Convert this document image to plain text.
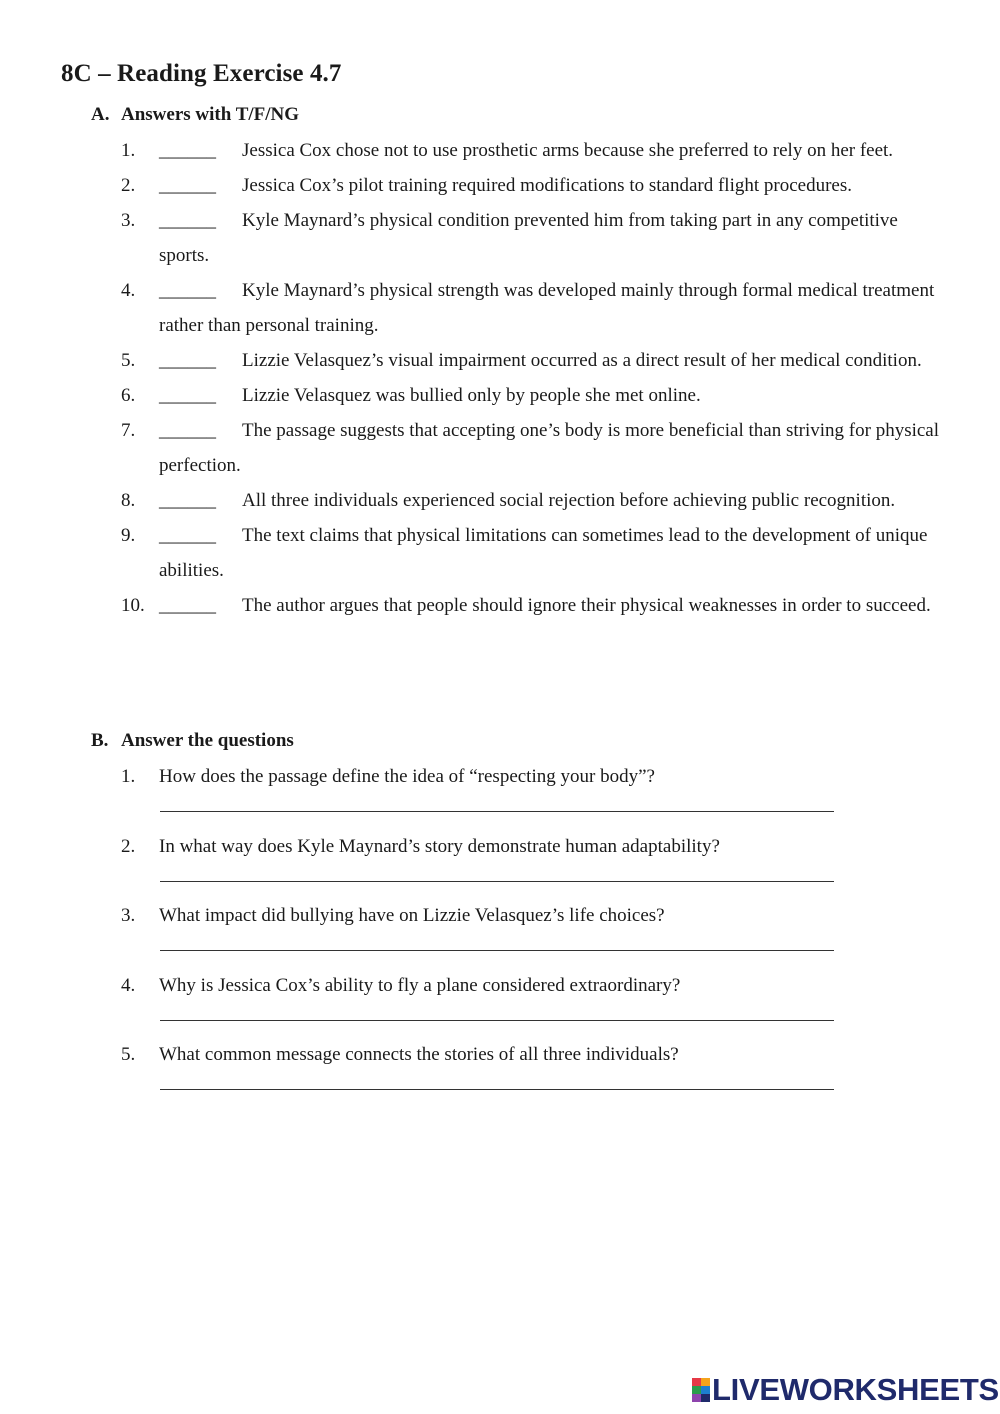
8C – Reading Exercise 4.7
A. Answers with T/F/NG
1. ______	Jessica Cox chose not to use prosthetic arms because she preferred to rely on her feet.
2. ______	Jessica Cox’s pilot training required modifications to standard flight procedures.
3. ______	Kyle Maynard’s physical condition prevented him from taking part in any competitive sports.
4. ______	Kyle Maynard’s physical strength was developed mainly through formal medical treatment rather than personal training.
5. ______	Lizzie Velasquez’s visual impairment occurred as a direct result of her medical condition.
6. ______	Lizzie Velasquez was bullied only by people she met online.
7. ______	The passage suggests that accepting one’s body is more beneficial than striving for physical perfection.
8. ______	All three individuals experienced social rejection before achieving public recognition.
9. ______	The text claims that physical limitations can sometimes lead to the development of unique abilities.
10. ______	The author argues that people should ignore their physical weaknesses in order to succeed.
B. Answer the questions
1. How does the passage define the idea of “respecting your body”?
2. In what way does Kyle Maynard’s story demonstrate human adaptability?
3. What impact did bullying have on Lizzie Velasquez’s life choices?
4. Why is Jessica Cox’s ability to fly a plane considered extraordinary?
5. What common message connects the stories of all three individuals?
LIVEWORKSHEETS
